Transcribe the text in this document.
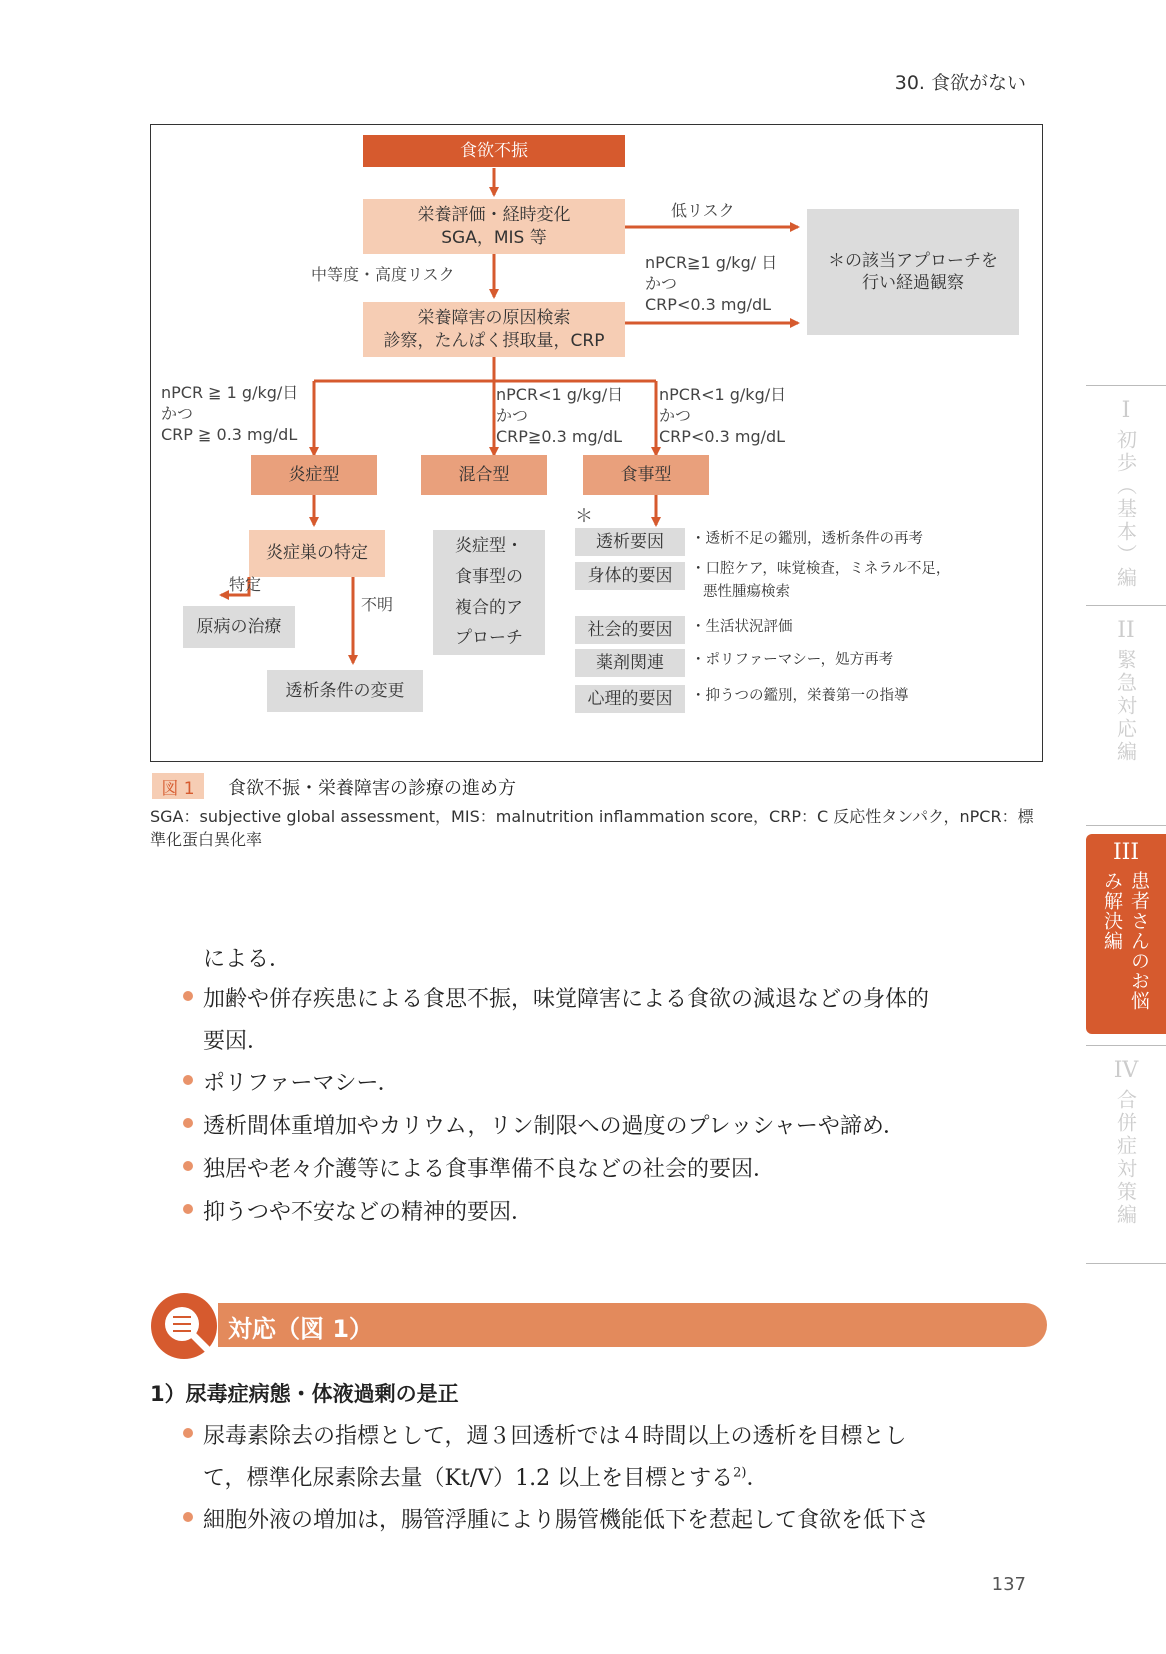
30. 食欲がない
食欲不振
栄養評価・経時変化
SGA，MIS 等
＊の該当アプローチを
行い経過観察
栄養障害の原因検索
診察，たんぱく摂取量，CRP
低リスク
中等度・高度リスク
nPCR≧1 g/kg/ 日
かつ
CRP<0.3 mg/dL
nPCR ≧ 1 g/kg/日
かつ
CRP ≧ 0.3 mg/dL
nPCR<1 g/kg/日
かつ
CRP≧0.3 mg/dL
nPCR<1 g/kg/日
かつ
CRP<0.3 mg/dL
炎症型	混合型	食事型
炎症巣の特定	炎症型・
食事型の
複合的ア
プローチ
特定
不明
原病の治療
透析条件の変更
＊
透析要因	・透析不足の鑑別，透析条件の再考
身体的要因	・口腔ケア，味覚検査，ミネラル不足，
悪性腫瘍検索
社会的要因	・生活状況評価
薬剤関連	・ポリファーマシー，処方再考
心理的要因	・抑うつの鑑別，栄養第一の指導
図 1	食欲不振・栄養障害の診療の進め方
SGA：subjective global assessment，MIS：malnutrition inflammation score，CRP：C 反応性タンパク，nPCR：標準化蛋白異化率
による．
加齢や併存疾患による食思不振，味覚障害による食欲の減退などの身体的
要因．
ポリファーマシー．
透析間体重増加やカリウム，リン制限への過度のプレッシャーや諦め．
独居や老々介護等による食事準備不良などの社会的要因．
抑うつや不安などの精神的要因．
対応（図 1）
1）尿毒症病態・体液過剰の是正
尿毒素除去の指標として，週３回透析では４時間以上の透析を目標とし
て，標準化尿素除去量（Kt/V）1.2 以上を目標とする$^{2)}$．
細胞外液の増加は，腸管浮腫により腸管機能低下を惹起して食欲を低下さ
I
初歩（基本）編
II
緊急対応編
III
患者さんのお悩み解決編
IV
合併症対策編
137
